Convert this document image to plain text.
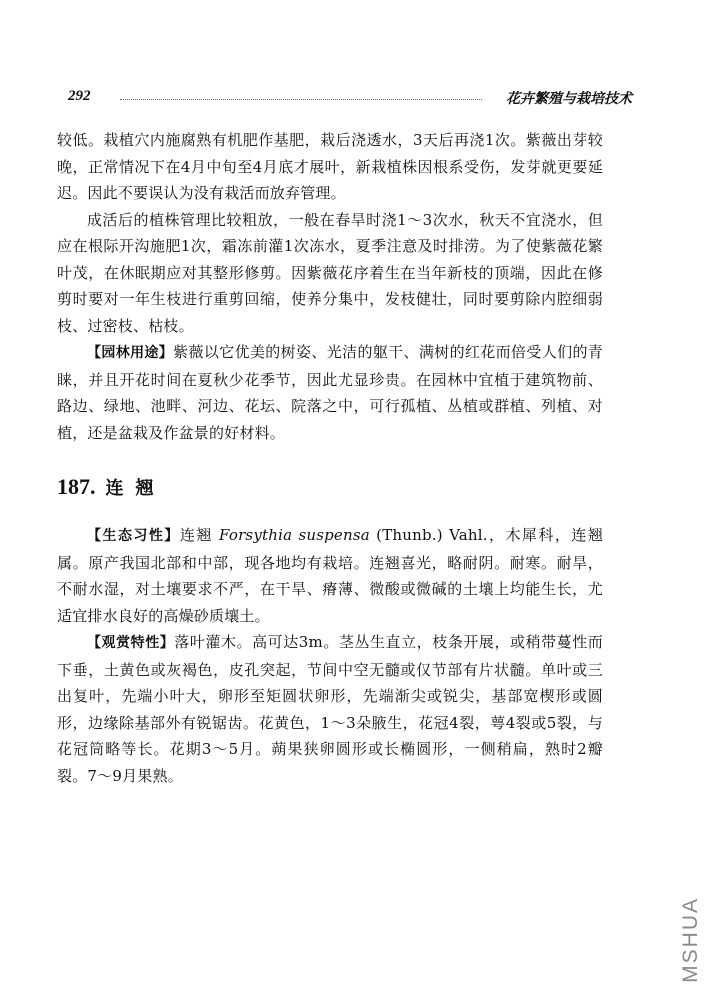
292	花卉繁殖与栽培技术

较低。栽植穴内施腐熟有机肥作基肥，栽后浇透水，3天后再浇1次。紫薇出芽较晚，正常情况下在4月中旬至4月底才展叶，新栽植株因根系受伤，发芽就更要延迟。因此不要误认为没有栽活而放弃管理。

成活后的植株管理比较粗放，一般在春旱时浇1～3次水，秋天不宜浇水，但应在根际开沟施肥1次，霜冻前灌1次冻水，夏季注意及时排涝。为了使紫薇花繁叶茂，在休眠期应对其整形修剪。因紫薇花序着生在当年新枝的顶端，因此在修剪时要对一年生枝进行重剪回缩，使养分集中，发枝健壮，同时要剪除内腔细弱枝、过密枝、枯枝。

【园林用途】紫薇以它优美的树姿、光洁的躯干、满树的红花而倍受人们的青睐，并且开花时间在夏秋少花季节，因此尤显珍贵。在园林中宜植于建筑物前、路边、绿地、池畔、河边、花坛、院落之中，可行孤植、丛植或群植、列植、对植，还是盆栽及作盆景的好材料。

187. 连翘

【生态习性】连翘 Forsythia suspensa (Thunb.) Vahl.，木犀科，连翘属。原产我国北部和中部，现各地均有栽培。连翘喜光，略耐阴。耐寒。耐旱，不耐水湿，对土壤要求不严，在干旱、瘠薄、微酸或微碱的土壤上均能生长，尤适宜排水良好的高燥砂质壤土。

【观赏特性】落叶灌木。高可达3m。茎丛生直立，枝条开展，或稍带蔓性而下垂，土黄色或灰褐色，皮孔突起，节间中空无髓或仅节部有片状髓。单叶或三出复叶，先端小叶大，卵形至矩圆状卵形，先端渐尖或锐尖，基部宽楔形或圆形，边缘除基部外有锐锯齿。花黄色，1～3朵腋生，花冠4裂，萼4裂或5裂，与花冠筒略等长。花期3～5月。蒴果狭卵圆形或长椭圆形，一侧稍扁，熟时2瓣裂。7～9月果熟。

MSHUA
